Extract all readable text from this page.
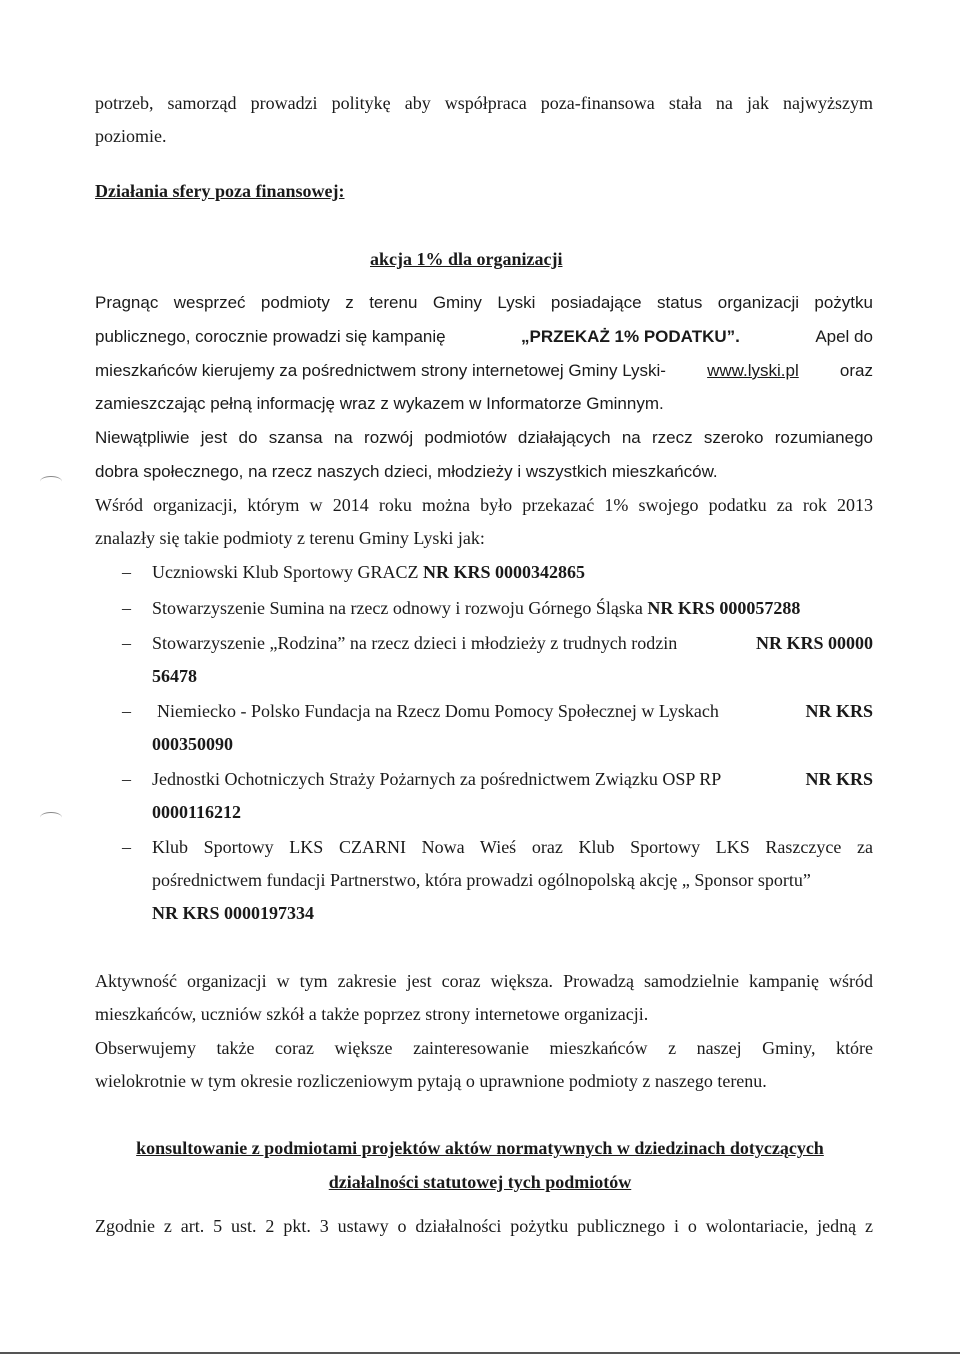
potrzeb, samorząd prowadzi politykę aby współpraca poza-finansowa stała na jak najwyższym
poziomie.
Działania sfery poza finansowej:
akcja 1% dla organizacji
Pragnąc wesprzeć podmioty z terenu Gminy Lyski posiadające status organizacji pożytku
publicznego, corocznie prowadzi się kampanię	„PRZEKAŻ 1% PODATKU”.	Apel do
mieszkańców kierujemy za pośrednictwem strony internetowej Gminy Lyski- www.lyski.pl oraz
zamieszczając pełną informację wraz z wykazem w Informatorze Gminnym.
Niewątpliwie jest do szansa na rozwój podmiotów działających na rzecz szeroko rozumianego
dobra społecznego, na rzecz naszych dzieci, młodzieży i wszystkich mieszkańców.
Wśród organizacji, którym w 2014 roku można było przekazać 1% swojego podatku za rok 2013
znalazły się takie podmioty z terenu Gminy Lyski jak:
– Uczniowski Klub Sportowy GRACZ NR KRS 0000342865
– Stowarzyszenie Sumina na rzecz odnowy i rozwoju Górnego Śląska NR KRS 000057288
– Stowarzyszenie „Rodzina” na rzecz dzieci i młodzieży z trudnych rodzin	NR KRS 00000
56478
– Niemiecko - Polsko Fundacja na Rzecz Domu Pomocy Społecznej w Lyskach	NR KRS
000350090
– Jednostki Ochotniczych Straży Pożarnych za pośrednictwem Związku OSP RP	NR KRS
0000116212
– Klub Sportowy LKS CZARNI Nowa Wieś oraz Klub Sportowy LKS Raszczyce za
pośrednictwem fundacji Partnerstwo, która prowadzi ogólnopolską akcję „ Sponsor sportu”
NR KRS 0000197334
Aktywność organizacji w tym zakresie jest coraz większa. Prowadzą samodzielnie kampanię wśród
mieszkańców, uczniów szkół a także poprzez strony internetowe organizacji.
Obserwujemy także coraz większe zainteresowanie mieszkańców z naszej Gminy, które
wielokrotnie w tym okresie rozliczeniowym pytają o uprawnione podmioty z naszego terenu.
konsultowanie z podmiotami projektów aktów normatywnych w dziedzinach dotyczących
działalności statutowej tych podmiotów
Zgodnie z art. 5 ust. 2 pkt. 3 ustawy o działalności pożytku publicznego i o wolontariacie, jedną z
